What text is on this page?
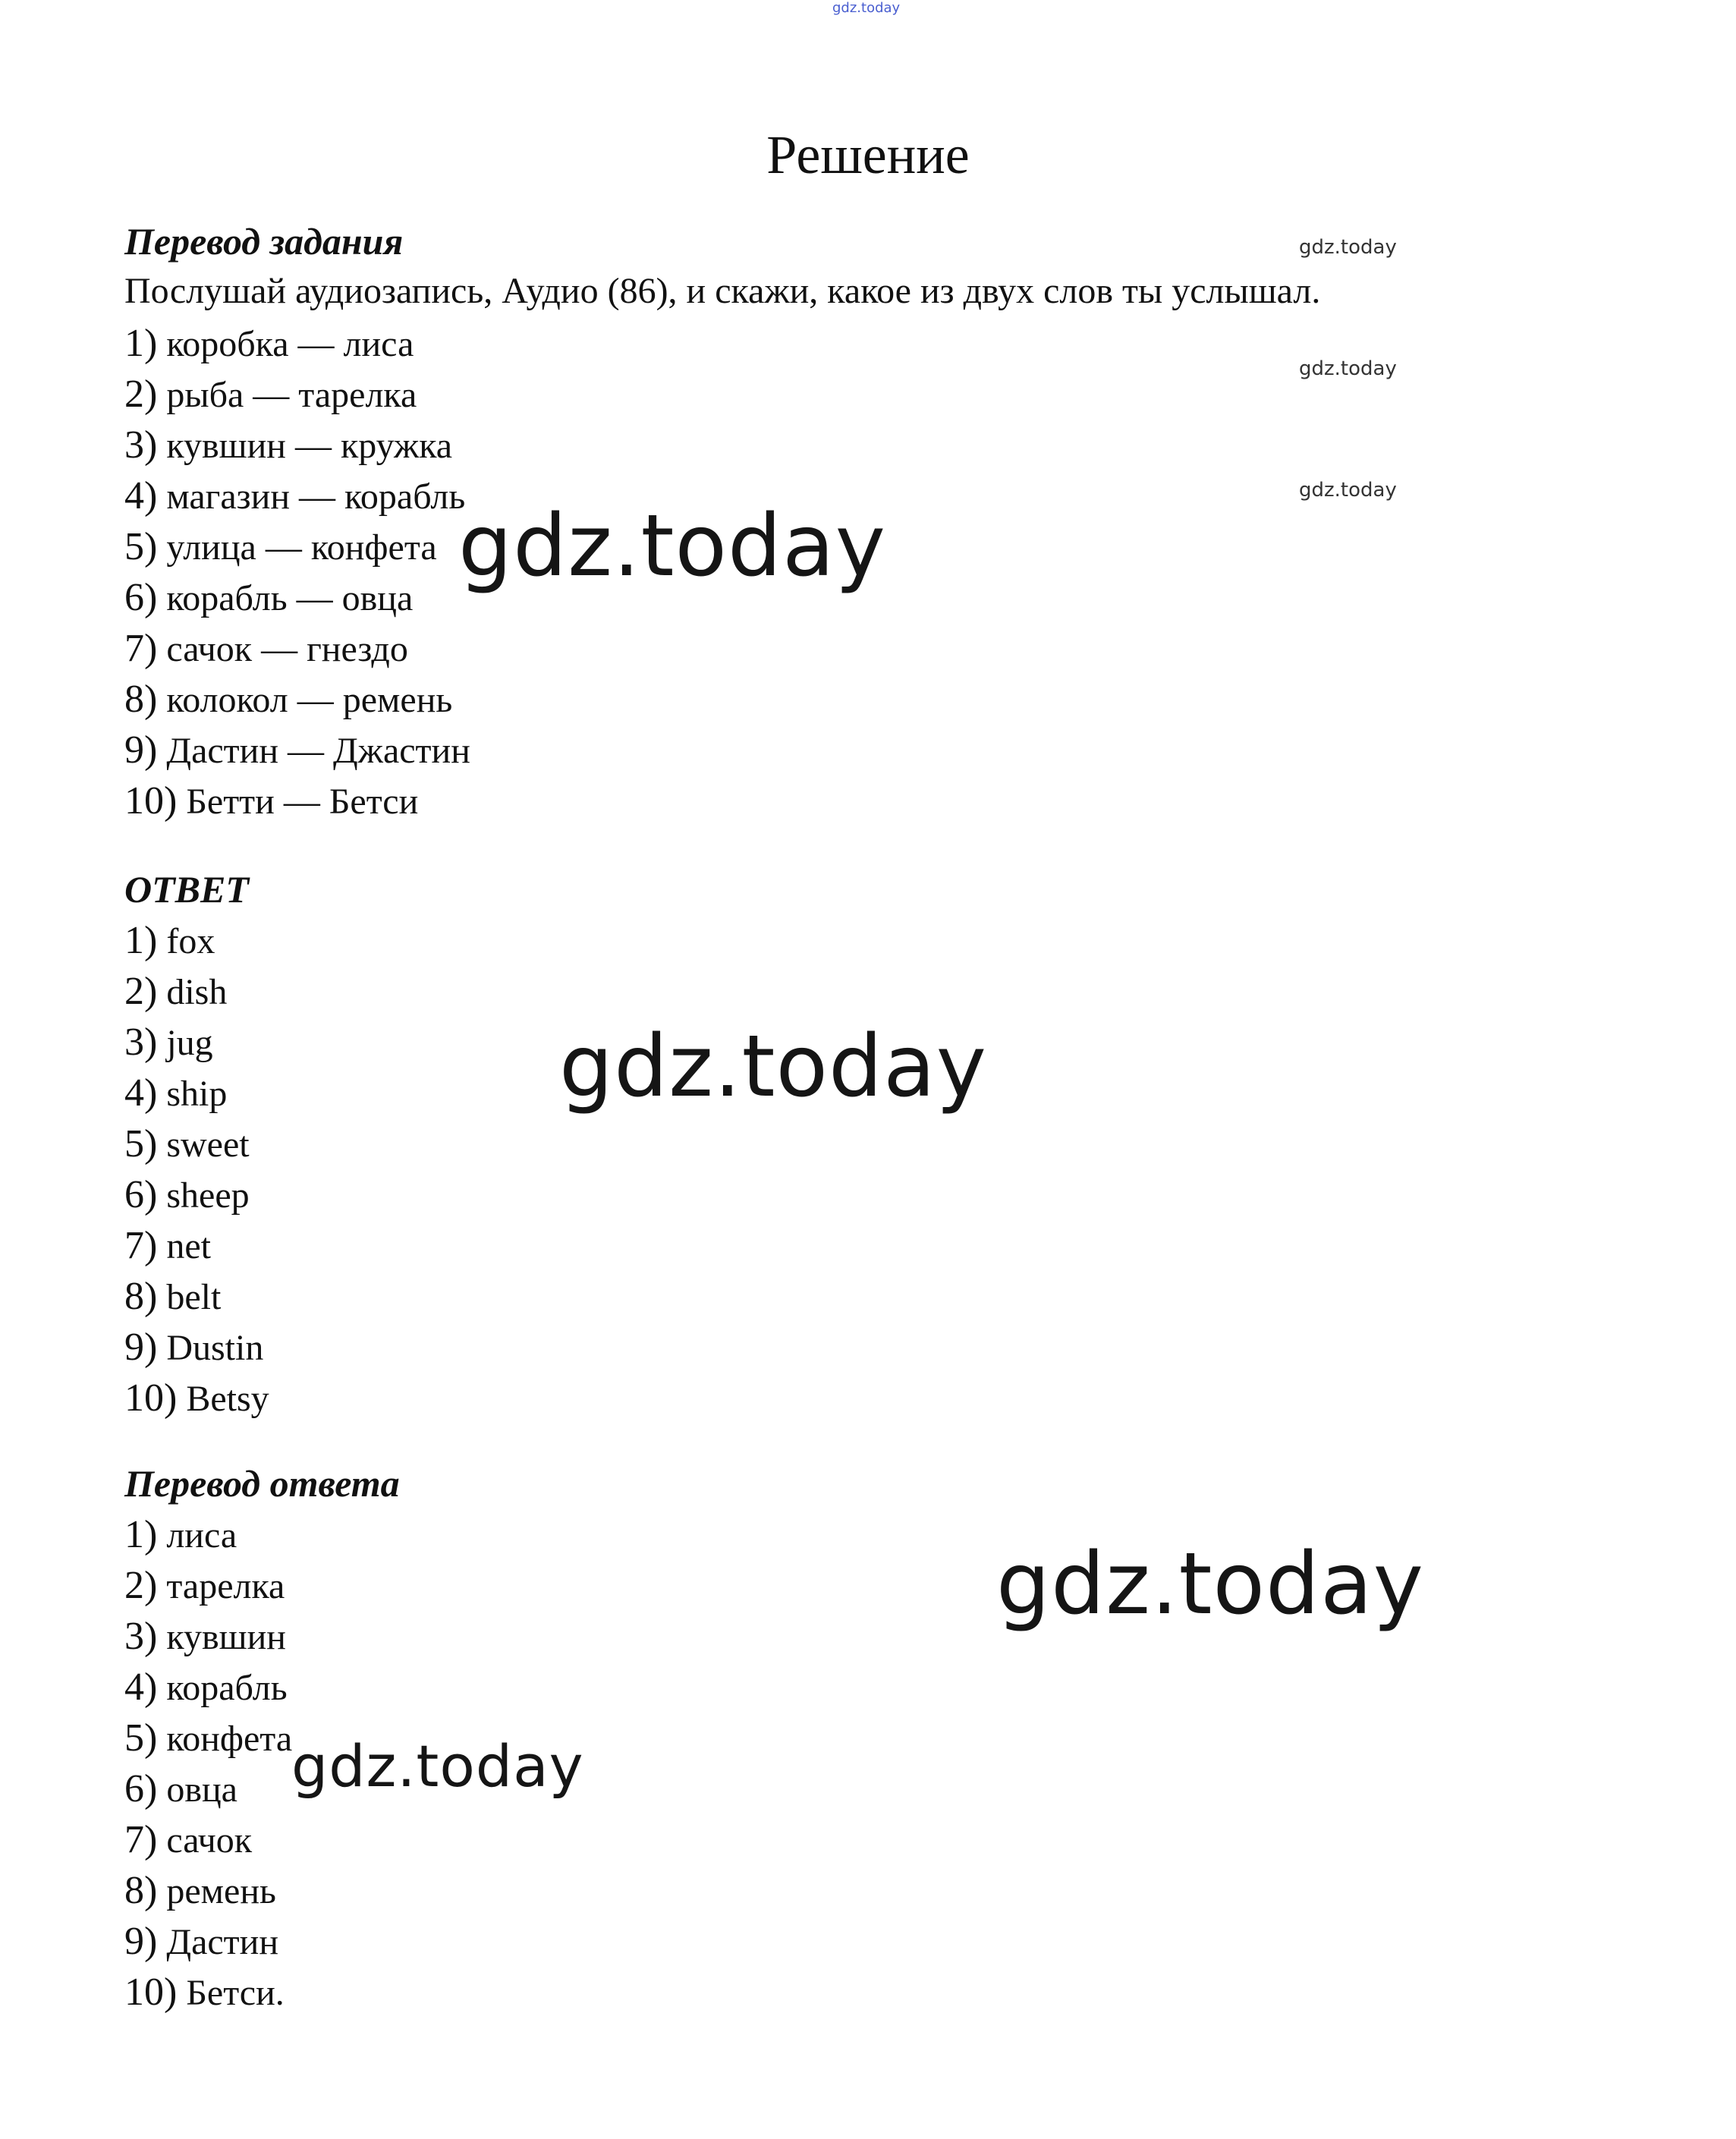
gdz.today
gdz.today
gdz.today
gdz.today
gdz.today
gdz.today
gdz.today
gdz.today
Решение
Перевод задания
Послушай аудиозапись, Аудио (86), и скажи, какое из двух слов ты услышал.
1) коробка — лиса
2) рыба — тарелка
3) кувшин — кружка
4) магазин — корабль
5) улица — конфета
6) корабль — овца
7) сачок — гнездо
8) колокол — ремень
9) Дастин — Джастин
10) Бетти — Бетси
ОТВЕТ
1) fox
2) dish
3) jug
4) ship
5) sweet
6) sheep
7) net
8) belt
9) Dustin
10) Betsy
Перевод ответа
1) лиса
2) тарелка
3) кувшин
4) корабль
5) конфета
6) овца
7) сачок
8) ремень
9) Дастин
10) Бетси.
